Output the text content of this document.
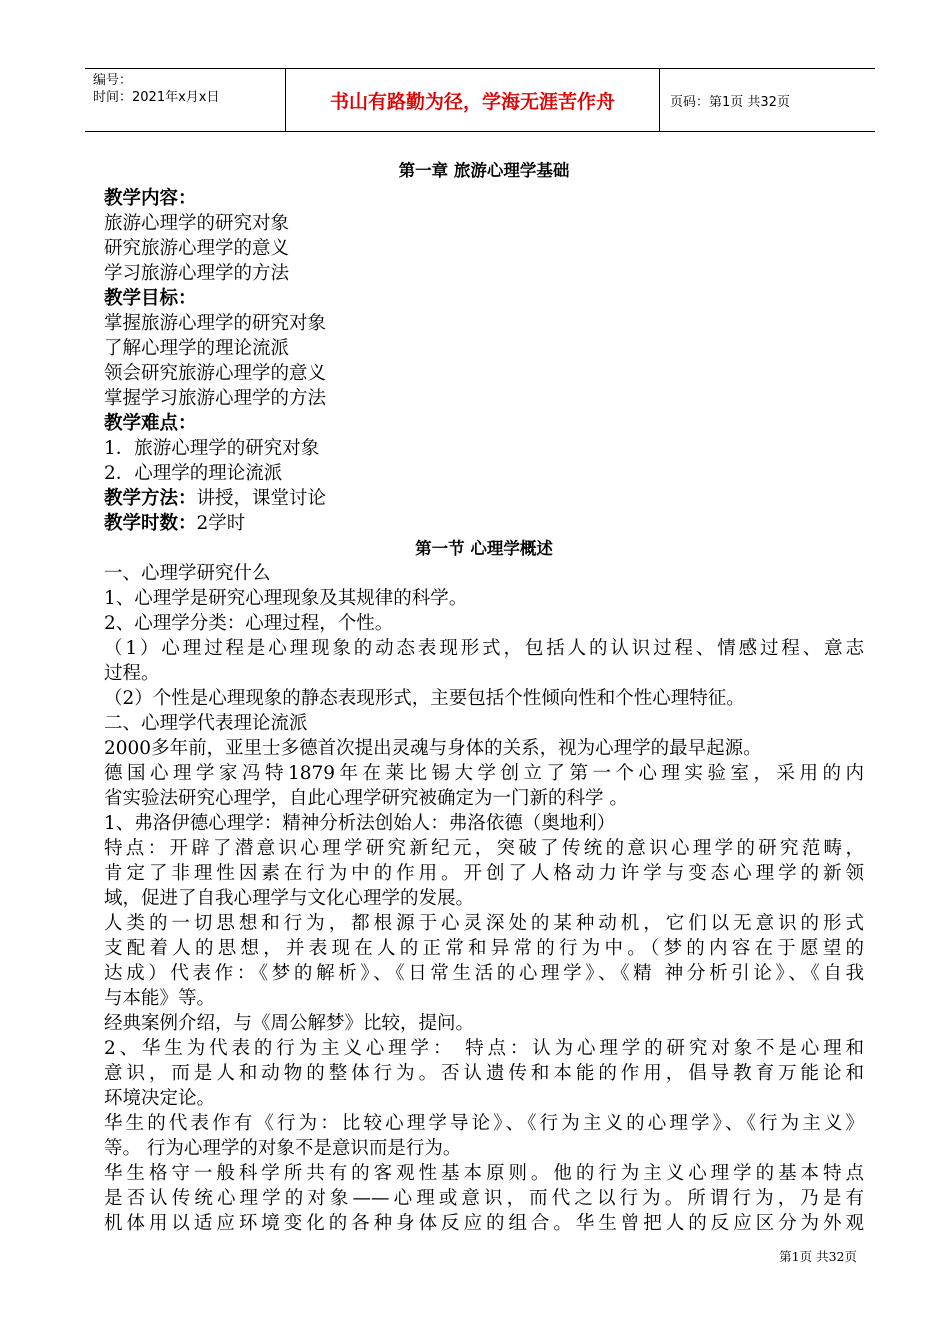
编号：
时间：2021年x月x日	书山有路勤为径，学海无涯苦作舟	页码：第1页 共32页
第一章 旅游心理学基础
教学内容：
旅游心理学的研究对象
研究旅游心理学的意义
学习旅游心理学的方法
教学目标：
掌握旅游心理学的研究对象
了解心理学的理论流派
领会研究旅游心理学的意义
掌握学习旅游心理学的方法
教学难点：
1．旅游心理学的研究对象
2．心理学的理论流派
教学方法：讲授，课堂讨论
教学时数：2学时
第一节 心理学概述
一、心理学研究什么
1、心理学是研究心理现象及其规律的科学。
2、心理学分类：心理过程，个性。
（1）心理过程是心理现象的动态表现形式，包括人的认识过程、情感过程、意志
过程。
（2）个性是心理现象的静态表现形式，主要包括个性倾向性和个性心理特征。
二、心理学代表理论流派
2000多年前，亚里士多德首次提出灵魂与身体的关系，视为心理学的最早起源。
德国心理学家冯特1879年在莱比锡大学创立了第一个心理实验室，采用的内
省实验法研究心理学，自此心理学研究被确定为一门新的科学 。
1、弗洛伊德心理学：精神分析法创始人：弗洛依德（奥地利）
特点：开辟了潜意识心理学研究新纪元，突破了传统的意识心理学的研究范畴，
肯定了非理性因素在行为中的作用。开创了人格动力许学与变态心理学的新领
域，促进了自我心理学与文化心理学的发展。
人类的一切思想和行为，都根源于心灵深处的某种动机，它们以无意识的形式
支配着人的思想，并表现在人的正常和异常的行为中。（梦的内容在于愿望的
达成）代表作：《梦的解析》、《日常生活的心理学》、《精 神分析引论》、《自我
与本能》等。
经典案例介绍，与《周公解梦》比较，提问。
2、华生为代表的行为主义心理学： 特点：认为心理学的研究对象不是心理和
意识，而是人和动物的整体行为。否认遗传和本能的作用，倡导教育万能论和
环境决定论。
华生的代表作有《行为：比较心理学导论》、《行为主义的心理学》、《行为主义》
等。 行为心理学的对象不是意识而是行为。
华生格守一般科学所共有的客观性基本原则。他的行为主义心理学的基本特点
是否认传统心理学的对象——心理或意识，而代之以行为。所谓行为，乃是有
机体用以适应环境变化的各种身体反应的组合。华生曾把人的反应区分为外观
第1页 共32页
